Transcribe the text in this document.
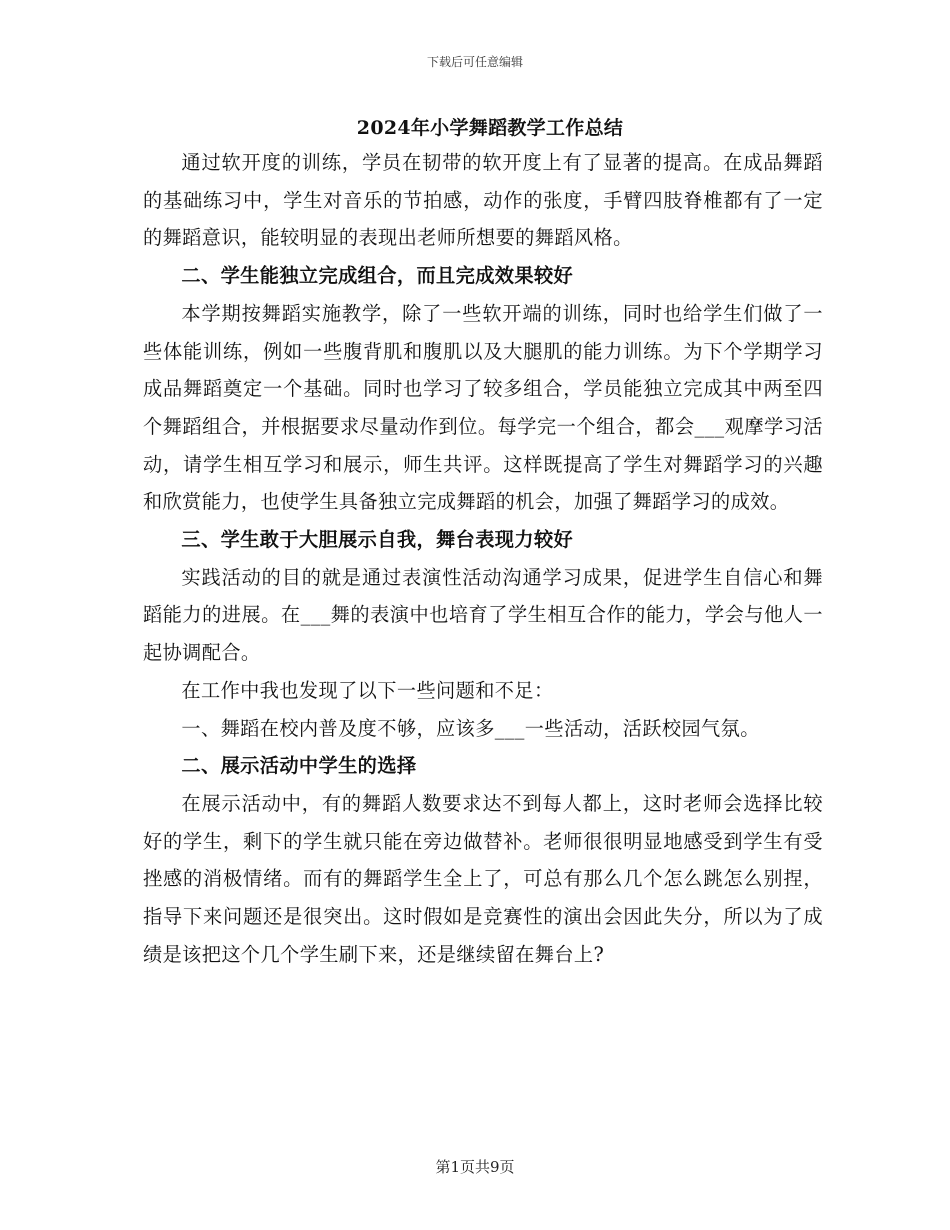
下载后可任意编辑
2024年小学舞蹈教学工作总结

通过软开度的训练，学员在韧带的软开度上有了显著的提高。在成品舞蹈的基础练习中，学生对音乐的节拍感，动作的张度，手臂四肢脊椎都有了一定的舞蹈意识，能较明显的表现出老师所想要的舞蹈风格。

二、学生能独立完成组合，而且完成效果较好

本学期按舞蹈实施教学，除了一些软开端的训练，同时也给学生们做了一些体能训练，例如一些腹背肌和腹肌以及大腿肌的能力训练。为下个学期学习成品舞蹈奠定一个基础。同时也学习了较多组合，学员能独立完成其中两至四个舞蹈组合，并根据要求尽量动作到位。每学完一个组合，都会___观摩学习活动，请学生相互学习和展示，师生共评。这样既提高了学生对舞蹈学习的兴趣和欣赏能力，也使学生具备独立完成舞蹈的机会，加强了舞蹈学习的成效。

三、学生敢于大胆展示自我，舞台表现力较好

实践活动的目的就是通过表演性活动沟通学习成果，促进学生自信心和舞蹈能力的进展。在___舞的表演中也培育了学生相互合作的能力，学会与他人一起协调配合。

在工作中我也发现了以下一些问题和不足：

一、舞蹈在校内普及度不够，应该多___一些活动，活跃校园气氛。

二、展示活动中学生的选择

在展示活动中，有的舞蹈人数要求达不到每人都上，这时老师会选择比较好的学生，剩下的学生就只能在旁边做替补。老师很很明显地感受到学生有受挫感的消极情绪。而有的舞蹈学生全上了，可总有那么几个怎么跳怎么别捏，指导下来问题还是很突出。这时假如是竞赛性的演出会因此失分，所以为了成绩是该把这个几个学生刷下来，还是继续留在舞台上?

第1页共9页
